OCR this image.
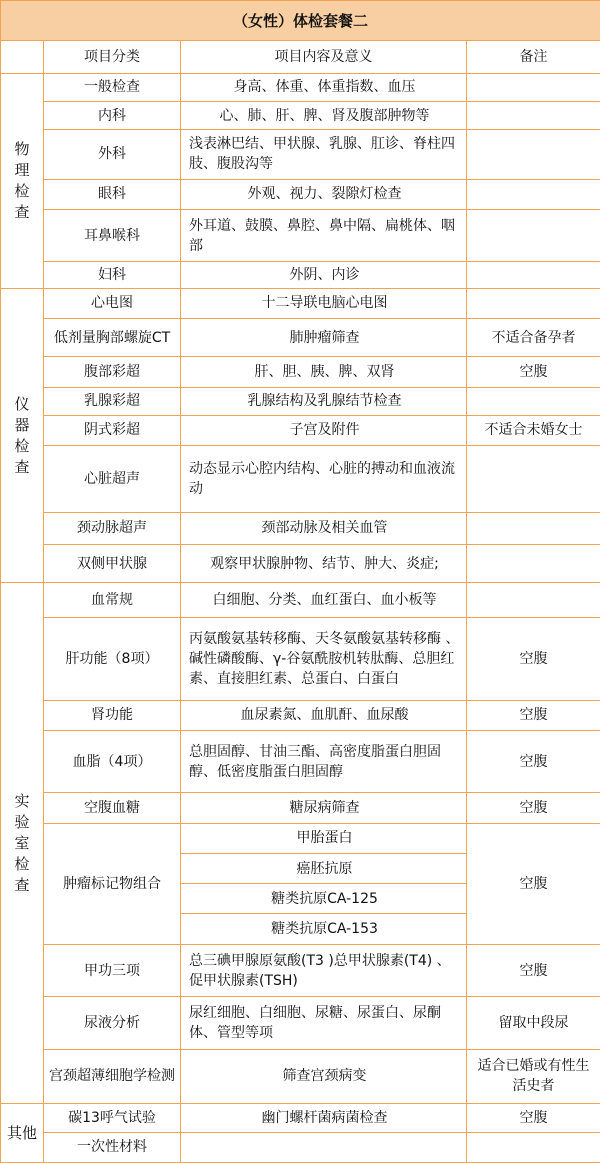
（女性）体检套餐二			
	项目分类	项目内容及意义	备注

物
理
检
查	一般检查	身高、体重、体重指数、血压	
	内科	心、肺、肝、脾、肾及腹部肿物等	
	外科	浅表淋巴结、甲状腺、乳腺、肛诊、脊柱四肢、腹股沟等	
	眼科	外观、视力、裂隙灯检查	
	耳鼻喉科	外耳道、鼓膜、鼻腔、鼻中隔、扁桃体、咽部	
	妇科	外阴、内诊	

仪
器
检
查	心电图	十二导联电脑心电图	
	低剂量胸部螺旋CT	肺肿瘤筛查	不适合备孕者
	腹部彩超	肝、胆、胰、脾、双肾	空腹
	乳腺彩超	乳腺结构及乳腺结节检查	
	阴式彩超	子宫及附件	不适合未婚女士
	心脏超声	动态显示心腔内结构、心脏的搏动和血液流动	
	颈动脉超声	颈部动脉及相关血管	
	双侧甲状腺	观察甲状腺肿物、结节、肿大、炎症;	

实
验
室
检
查	血常规	白细胞、分类、血红蛋白、血小板等	
	肝功能（8项）	丙氨酸氨基转移酶、天冬氨酸氨基转移酶 、碱性磷酸酶、γ-谷氨酰胺机转肽酶、总胆红素、直接胆红素、总蛋白、白蛋白	空腹
	肾功能	血尿素氮、血肌酐、血尿酸	空腹
	血脂（4项）	总胆固醇、甘油三酯、高密度脂蛋白胆固醇、低密度脂蛋白胆固醇	空腹
	空腹血糖	糖尿病筛查	空腹
	肿瘤标记物组合	甲胎蛋白	空腹
		癌胚抗原	
		糖类抗原CA-125	
		糖类抗原CA-153	
	甲功三项	总三碘甲腺原氨酸(T3 )总甲状腺素(T4) 、促甲状腺素(TSH)	空腹
	尿液分析	尿红细胞、白细胞、尿糖、尿蛋白、尿酮体、管型等项	留取中段尿
	宫颈超薄细胞学检测	筛查宫颈病变	适合已婚或有性生活史者

其他	碳13呼气试验	幽门螺杆菌病菌检查	空腹
	一次性材料		
